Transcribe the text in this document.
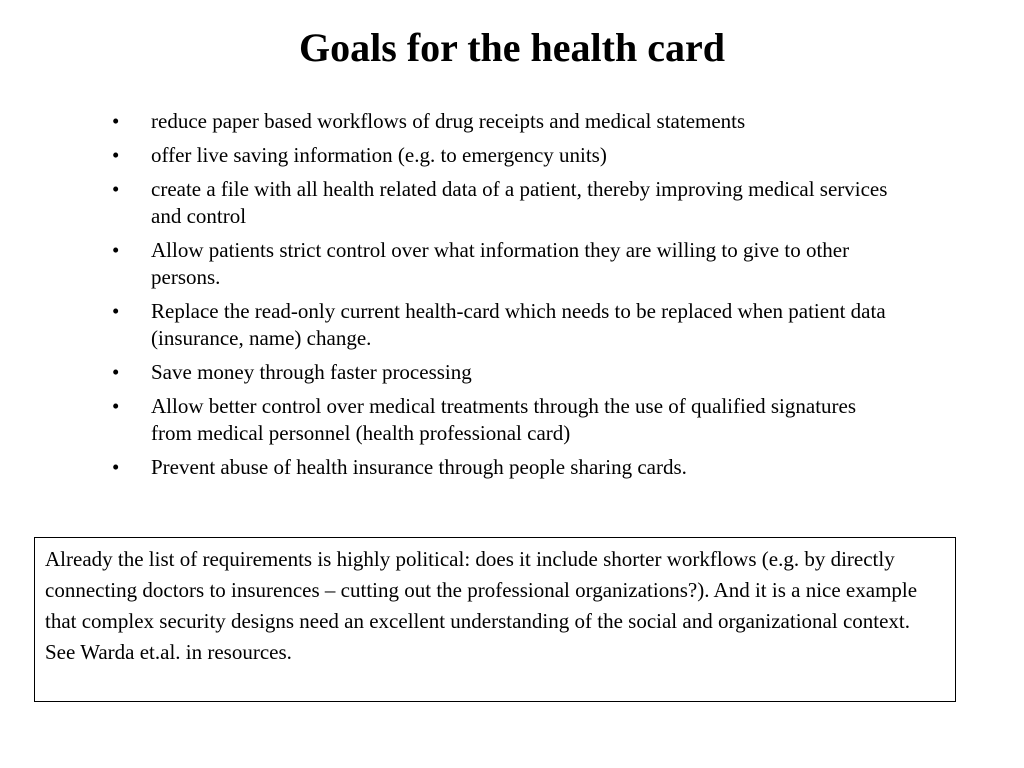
Goals for the health card
•	reduce paper based workflows of drug receipts and medical statements
•	offer live saving information (e.g. to emergency units)
•	create a file with all health related data of a patient, thereby improving medical services and control
•	Allow patients strict control over what information they are willing to give to other persons.
•	Replace the read-only current health-card which needs to be replaced when patient data (insurance, name) change.
•	Save money through faster processing
•	Allow better control over medical treatments through the use of qualified signatures from medical personnel (health professional card)
•	Prevent abuse of health insurance through people sharing cards.
Already the list of requirements is highly political: does it include shorter workflows (e.g. by directly connecting doctors to insurences – cutting out the professional organizations?). And it is a nice example that complex security designs need an excellent understanding of the social and organizational context. See Warda et.al. in resources.
